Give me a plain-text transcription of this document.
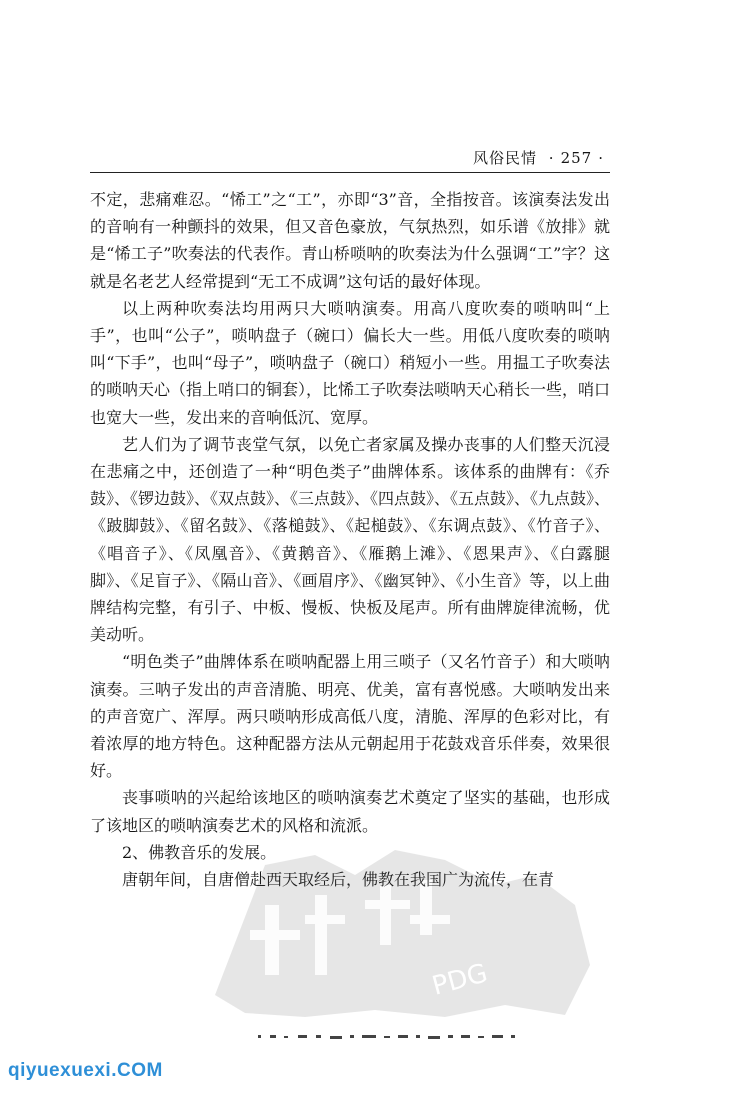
风俗民情 · 257 ·

不定，悲痛难忍。“悕工”之“工”，亦即“3”音，全指按音。该演奏法发出的音响有一种颤抖的效果，但又音色豪放，气氛热烈，如乐谱《放排》就是“悕工子”吹奏法的代表作。青山桥唢呐的吹奏法为什么强调“工”字？这就是名老艺人经常提到“无工不成调”这句话的最好体现。

以上两种吹奏法均用两只大唢呐演奏。用高八度吹奏的唢呐叫“上手”，也叫“公子”，唢呐盘子（碗口）偏长大一些。用低八度吹奏的唢呐叫“下手”，也叫“母子”，唢呐盘子（碗口）稍短小一些。用揾工子吹奏法的唢呐天心（指上哨口的铜套），比悕工子吹奏法唢呐天心稍长一些，哨口也宽大一些，发出来的音响低沉、宽厚。

艺人们为了调节丧堂气氛，以免亡者家属及操办丧事的人们整天沉浸在悲痛之中，还创造了一种“明色类子”曲牌体系。该体系的曲牌有：《乔鼓》、《锣边鼓》、《双点鼓》、《三点鼓》、《四点鼓》、《五点鼓》、《九点鼓》、《跛脚鼓》、《留名鼓》、《落槌鼓》、《起槌鼓》、《东调点鼓》、《竹音子》、《唱音子》、《凤凰音》、《黄鹅音》、《雁鹅上滩》、《恩果声》、《白露腿脚》、《足盲子》、《隔山音》、《画眉序》、《幽冥钟》、《小生音》等，以上曲牌结构完整，有引子、中板、慢板、快板及尾声。所有曲牌旋律流畅，优美动听。

“明色类子”曲牌体系在唢呐配器上用三唢子（又名竹音子）和大唢呐演奏。三呐子发出的声音清脆、明亮、优美，富有喜悦感。大唢呐发出来的声音宽广、浑厚。两只唢呐形成高低八度，清脆、浑厚的色彩对比，有着浓厚的地方特色。这种配器方法从元朝起用于花鼓戏音乐伴奏，效果很好。

丧事唢呐的兴起给该地区的唢呐演奏艺术奠定了坚实的基础，也形成了该地区的唢呐演奏艺术的风格和流派。

2、佛教音乐的发展。

唐朝年间，自唐僧赴西天取经后，佛教在我国广为流传，在青

PDG
qiyuexuexi.COM
